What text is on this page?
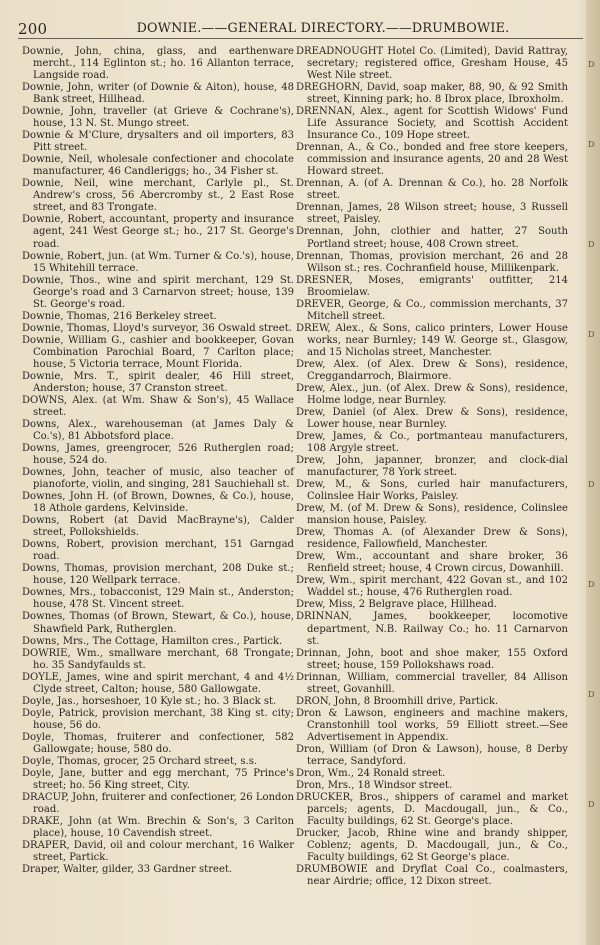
200	DOWNIE.——GENERAL DIRECTORY.——DRUMBOWIE.
Downie, John, china, glass, and earthenware mercht., 114 Eglinton st.; ho. 16 Allanton terrace, Langside road.
Downie, John, writer (of Downie & Aiton), house, 48 Bank street, Hillhead.
Downie, John, traveller (at Grieve & Cochrane's), house, 13 N. St. Mungo street.
Downie & M'Clure, drysalters and oil importers, 83 Pitt street.
Downie, Neil, wholesale confectioner and chocolate manufacturer, 46 Candleriggs; ho., 34 Fisher st.
Downie, Neil, wine merchant, Carlyle pl., St. Andrew's cross, 56 Abercromby st., 2 East Rose street, and 83 Trongate.
Downie, Robert, accountant, property and insurance agent, 241 West George st.; ho., 217 St. George's road.
Downie, Robert, jun. (at Wm. Turner & Co.'s), house, 15 Whitehill terrace.
Downie, Thos., wine and spirit merchant, 129 St. George's road and 3 Carnarvon street; house, 139 St. George's road.
Downie, Thomas, 216 Berkeley street.
Downie, Thomas, Lloyd's surveyor, 36 Oswald street.
Downie, William G., cashier and bookkeeper, Govan Combination Parochial Board, 7 Carlton place; house, 5 Victoria terrace, Mount Florida.
Downie, Mrs. T., spirit dealer, 46 Hill street, Anderston; house, 37 Cranston street.
DOWNS, Alex. (at Wm. Shaw & Son's), 45 Wallace street.
Downs, Alex., warehouseman (at James Daly & Co.'s), 81 Abbotsford place.
Downs, James, greengrocer, 526 Rutherglen road; house, 524 do.
Downes, John, teacher of music, also teacher of pianoforte, violin, and singing, 281 Sauchiehall st.
Downes, John H. (of Brown, Downes, & Co.), house, 18 Athole gardens, Kelvinside.
Downs, Robert (at David MacBrayne's), Calder street, Pollokshields.
Downs, Robert, provision merchant, 151 Garngad road.
Downs, Thomas, provision merchant, 208 Duke st.; house, 120 Wellpark terrace.
Downes, Mrs., tobacconist, 129 Main st., Anderston; house, 478 St. Vincent street.
Downes, Thomas (of Brown, Stewart, & Co.), house, Shawfield Park, Rutherglen.
Downs, Mrs., The Cottage, Hamilton cres., Partick.
DOWRIE, Wm., smallware merchant, 68 Trongate; ho. 35 Sandyfaulds st.
DOYLE, James, wine and spirit merchant, 4 and 4½ Clyde street, Calton; house, 580 Gallowgate.
Doyle, Jas., horseshoer, 10 Kyle st.; ho. 3 Black st.
Doyle, Patrick, provision merchant, 38 King st. city; house, 56 do.
Doyle, Thomas, fruiterer and confectioner, 582 Gallowgate; house, 580 do.
Doyle, Thomas, grocer, 25 Orchard street, s.s.
Doyle, Jane, butter and egg merchant, 75 Prince's street; ho. 56 King street, City.
DRACUP, John, fruiterer and confectioner, 26 London road.
DRAKE, John (at Wm. Brechin & Son's, 3 Carlton place), house, 10 Cavendish street.
DRAPER, David, oil and colour merchant, 16 Walker street, Partick.
Draper, Walter, gilder, 33 Gardner street.
DREADNOUGHT Hotel Co. (Limited), David Rattray, secretary; registered office, Gresham House, 45 West Nile street.
DREGHORN, David, soap maker, 88, 90, & 92 Smith street, Kinning park; ho. 8 Ibrox place, Ibroxholm.
DRENNAN, Alex., agent for Scottish Widows' Fund Life Assurance Society, and Scottish Accident Insurance Co., 109 Hope street.
Drennan, A., & Co., bonded and free store keepers, commission and insurance agents, 20 and 28 West Howard street.
Drennan, A. (of A. Drennan & Co.), ho. 28 Norfolk street.
Drennan, James, 28 Wilson street; house, 3 Russell street, Paisley.
Drennan, John, clothier and hatter, 27 South Portland street; house, 408 Crown street.
Drennan, Thomas, provision merchant, 26 and 28 Wilson st.; res. Cochranfield house, Millikenpark.
DRESNER, Moses, emigrants' outfitter, 214 Broomielaw.
DREVER, George, & Co., commission merchants, 37 Mitchell street.
DREW, Alex., & Sons, calico printers, Lower House works, near Burnley; 149 W. George st., Glasgow, and 15 Nicholas street, Manchester.
Drew, Alex. (of Alex. Drew & Sons), residence, Creggandarroch, Blairmore.
Drew, Alex., jun. (of Alex. Drew & Sons), residence, Holme lodge, near Burnley.
Drew, Daniel (of Alex. Drew & Sons), residence, Lower house, near Burnley.
Drew, James, & Co., portmanteau manufacturers, 108 Argyle street.
Drew, John, japanner, bronzer, and clock-dial manufacturer, 78 York street.
Drew, M., & Sons, curled hair manufacturers, Colinslee Hair Works, Paisley.
Drew, M. (of M. Drew & Sons), residence, Colinslee mansion house, Paisley.
Drew, Thomas A. (of Alexander Drew & Sons), residence, Fallowfield, Manchester.
Drew, Wm., accountant and share broker, 36 Renfield street; house, 4 Crown circus, Dowanhill.
Drew, Wm., spirit merchant, 422 Govan st., and 102 Waddel st.; house, 476 Rutherglen road.
Drew, Miss, 2 Belgrave place, Hillhead.
DRINNAN, James, bookkeeper, locomotive department, N.B. Railway Co.; ho. 11 Carnarvon st.
Drinnan, John, boot and shoe maker, 155 Oxford street; house, 159 Pollokshaws road.
Drinnan, William, commercial traveller, 84 Allison street, Govanhill.
DRON, John, 8 Broomhill drive, Partick.
Dron & Lawson, engineers and machine makers, Cranstonhill tool works, 59 Elliott street.—See Advertisement in Appendix.
Dron, William (of Dron & Lawson), house, 8 Derby terrace, Sandyford.
Dron, Wm., 24 Ronald street.
Dron, Mrs., 18 Windsor street.
DRUCKER, Bros., shippers of caramel and market parcels; agents, D. Macdougall, jun., & Co., Faculty buildings, 62 St. George's place.
Drucker, Jacob, Rhine wine and brandy shipper, Coblenz; agents, D. Macdougall, jun., & Co., Faculty buildings, 62 St George's place.
DRUMBOWIE and Dryflat Coal Co., coalmasters, near Airdrie; office, 12 Dixon street.
D
D
D
D
D
D
D
D
